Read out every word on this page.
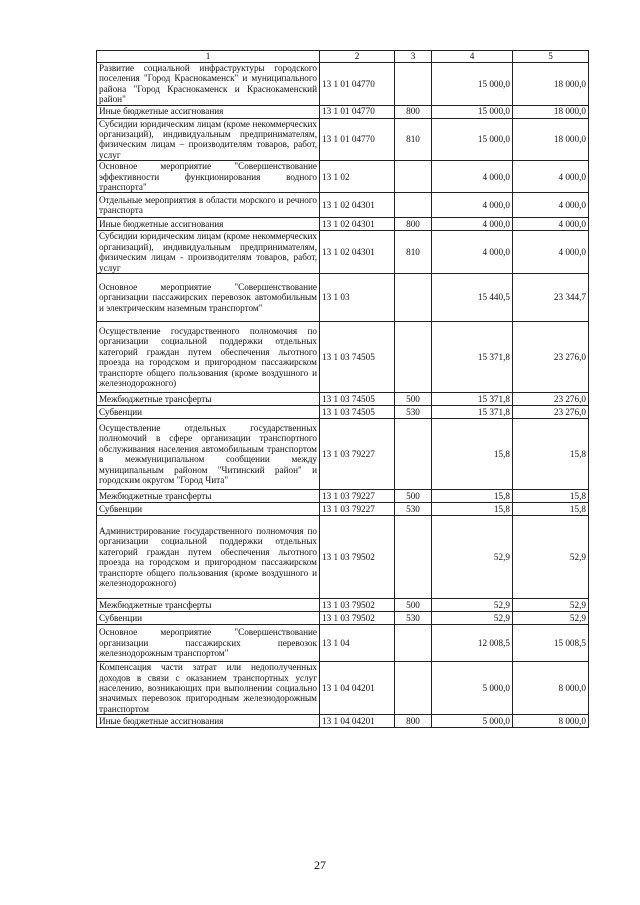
1	2	3	4	5
Развитие социальной инфраструктуры городского поселения "Город Краснокаменск" и муниципального района "Город Краснокаменск и Краснокаменский район"	13 1 01 04770		15 000,0	18 000,0
Иные бюджетные ассигнования	13 1 01 04770	800	15 000,0	18 000,0
Субсидии юридическим лицам (кроме некоммерческих организаций), индивидуальным предпринимателям, физическим лицам – производителям товаров, работ, услуг	13 1 01 04770	810	15 000,0	18 000,0
Основное мероприятие "Совершенствование эффективности функционирования водного транспорта"	13 1 02		4 000,0	4 000,0
Отдельные мероприятия в области морского и речного транспорта	13 1 02 04301		4 000,0	4 000,0
Иные бюджетные ассигнования	13 1 02 04301	800	4 000,0	4 000,0
Субсидии юридическим лицам (кроме некоммерческих организаций), индивидуальным предпринимателям, физическим лицам - производителям товаров, работ, услуг	13 1 02 04301	810	4 000,0	4 000,0
Основное мероприятие "Совершенствование организации пассажирских перевозок автомобильным и электрическим наземным транспортом"	13 1 03		15 440,5	23 344,7
Осуществление государственного полномочия по организации социальной поддержки отдельных категорий граждан путем обеспечения льготного проезда на городском и пригородном пассажирском транспорте общего пользования (кроме воздушного и железнодорожного)	13 1 03 74505		15 371,8	23 276,0
Межбюджетные трансферты	13 1 03 74505	500	15 371,8	23 276,0
Субвенции	13 1 03 74505	530	15 371,8	23 276,0
Осуществление отдельных государственных полномочий в сфере организации транспортного обслуживания населения автомобильным транспортом в межмуниципальном сообщении между муниципальным районом "Читинский район" и городским округом "Город Чита"	13 1 03 79227		15,8	15,8
Межбюджетные трансферты	13 1 03 79227	500	15,8	15,8
Субвенции	13 1 03 79227	530	15,8	15,8
Администрирование государственного полномочия по организации социальной поддержки отдельных категорий граждан путем обеспечения льготного проезда на городском и пригородном пассажирском транспорте общего пользования (кроме воздушного и железнодорожного)	13 1 03 79502		52,9	52,9
Межбюджетные трансферты	13 1 03 79502	500	52,9	52,9
Субвенции	13 1 03 79502	530	52,9	52,9
Основное мероприятие "Совершенствование организации пассажирских перевозок железнодорожным транспортом"	13 1 04		12 008,5	15 008,5
Компенсация части затрат или недополученных доходов в связи с оказанием транспортных услуг населению, возникающих при выполнении социально значимых перевозок пригородным железнодорожным транспортом	13 1 04 04201		5 000,0	8 000,0
Иные бюджетные ассигнования	13 1 04 04201	800	5 000,0	8 000,0
27
